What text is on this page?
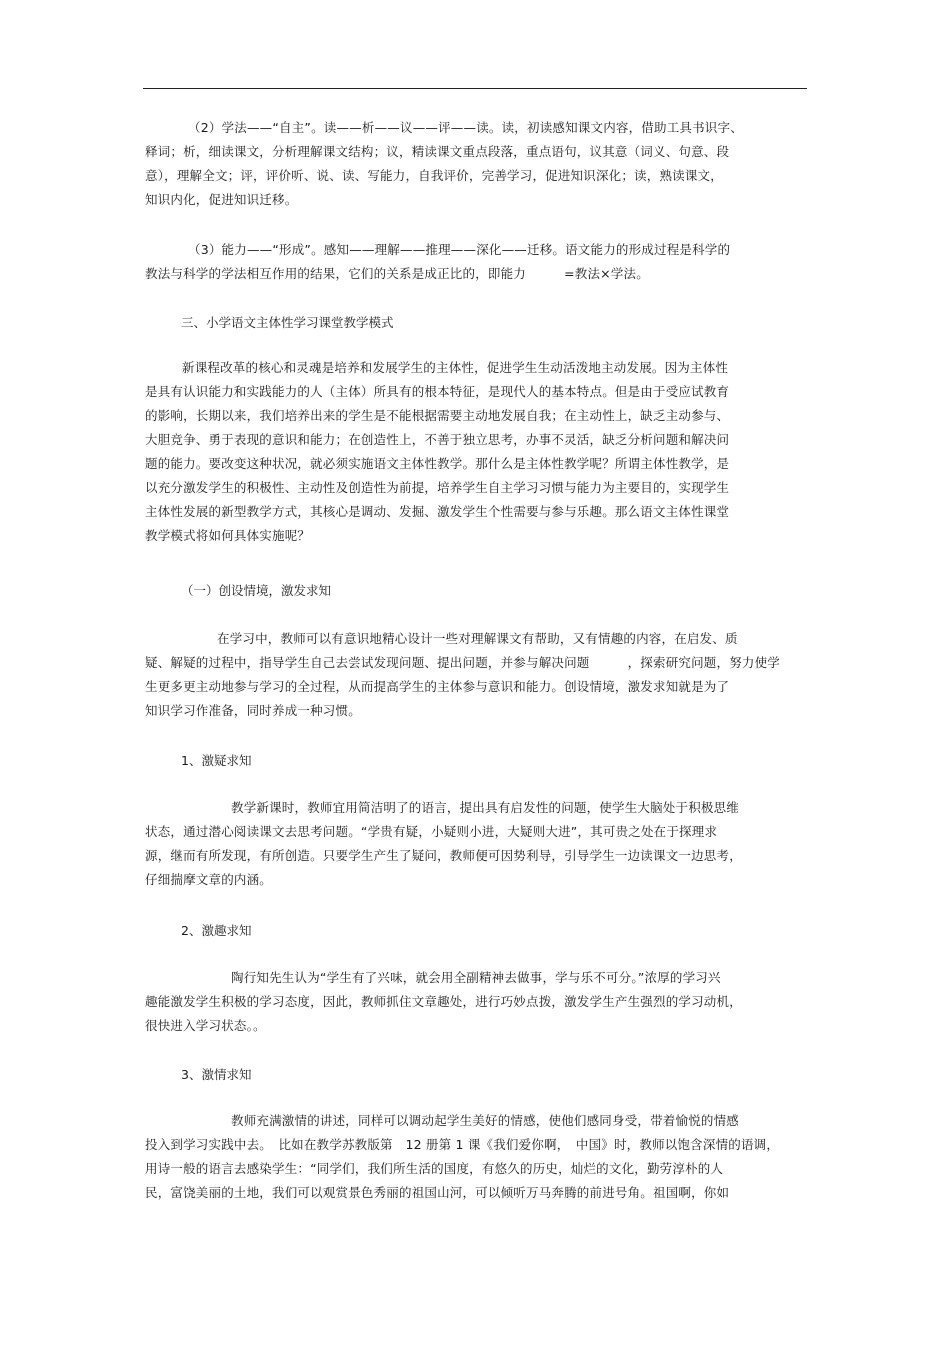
（2）学法——“自主”。读——析——议——评——读。读，初读感知课文内容，借助工具书识字、
释词；析，细读课文，分析理解课文结构；议，精读课文重点段落，重点语句，议其意（词义、句意、段
意），理解全文；评，评价听、说、读、写能力，自我评价，完善学习，促进知识深化；读，熟读课文，
知识内化，促进知识迁移。
（3）能力——“形成”。感知——理解——推理——深化——迁移。语文能力的形成过程是科学的
教法与科学的学法相互作用的结果，它们的关系是成正比的，即能力　　　=教法×学法。
三、小学语文主体性学习课堂教学模式
新课程改革的核心和灵魂是培养和发展学生的主体性，促进学生生动活泼地主动发展。因为主体性
是具有认识能力和实践能力的人（主体）所具有的根本特征，是现代人的基本特点。但是由于受应试教育
的影响，长期以来，我们培养出来的学生是不能根据需要主动地发展自我；在主动性上，缺乏主动参与、
大胆竞争、勇于表现的意识和能力；在创造性上，不善于独立思考，办事不灵活，缺乏分析问题和解决问
题的能力。要改变这种状况，就必须实施语文主体性教学。那什么是主体性教学呢？所谓主体性教学，是
以充分激发学生的积极性、主动性及创造性为前提，培养学生自主学习习惯与能力为主要目的，实现学生
主体性发展的新型教学方式，其核心是调动、发掘、激发学生个性需要与参与乐趣。那么语文主体性课堂
教学模式将如何具体实施呢？
（一）创设情境，激发求知
在学习中，教师可以有意识地精心设计一些对理解课文有帮助，又有情趣的内容，在启发、质
疑、解疑的过程中，指导学生自己去尝试发现问题、提出问题，并参与解决问题　　　，探索研究问题，努力使学
生更多更主动地参与学习的全过程，从而提高学生的主体参与意识和能力。创设情境，激发求知就是为了
知识学习作准备，同时养成一种习惯。
1、激疑求知
教学新课时，教师宜用简洁明了的语言，提出具有启发性的问题，使学生大脑处于积极思维
状态，通过潜心阅读课文去思考问题。“学贵有疑，小疑则小进，大疑则大进”，其可贵之处在于探理求
源，继而有所发现，有所创造。只要学生产生了疑问，教师便可因势利导，引导学生一边读课文一边思考，
仔细揣摩文章的内涵。
2、激趣求知
陶行知先生认为“学生有了兴味，就会用全副精神去做事，学与乐不可分。”浓厚的学习兴
趣能激发学生积极的学习态度，因此，教师抓住文章趣处，进行巧妙点拨，激发学生产生强烈的学习动机，
很快进入学习状态。。
3、激情求知
教师充满激情的讲述，同样可以调动起学生美好的情感，使他们感同身受，带着愉悦的情感
投入到学习实践中去。　比如在教学苏教版第　12 册第 1 课《我们爱你啊，　中国》时，教师以饱含深情的语调，
用诗一般的语言去感染学生：“同学们，我们所生活的国度，有悠久的历史，灿烂的文化，勤劳淳朴的人
民，富饶美丽的土地，我们可以观赏景色秀丽的祖国山河，可以倾听万马奔腾的前进号角。祖国啊，你如
